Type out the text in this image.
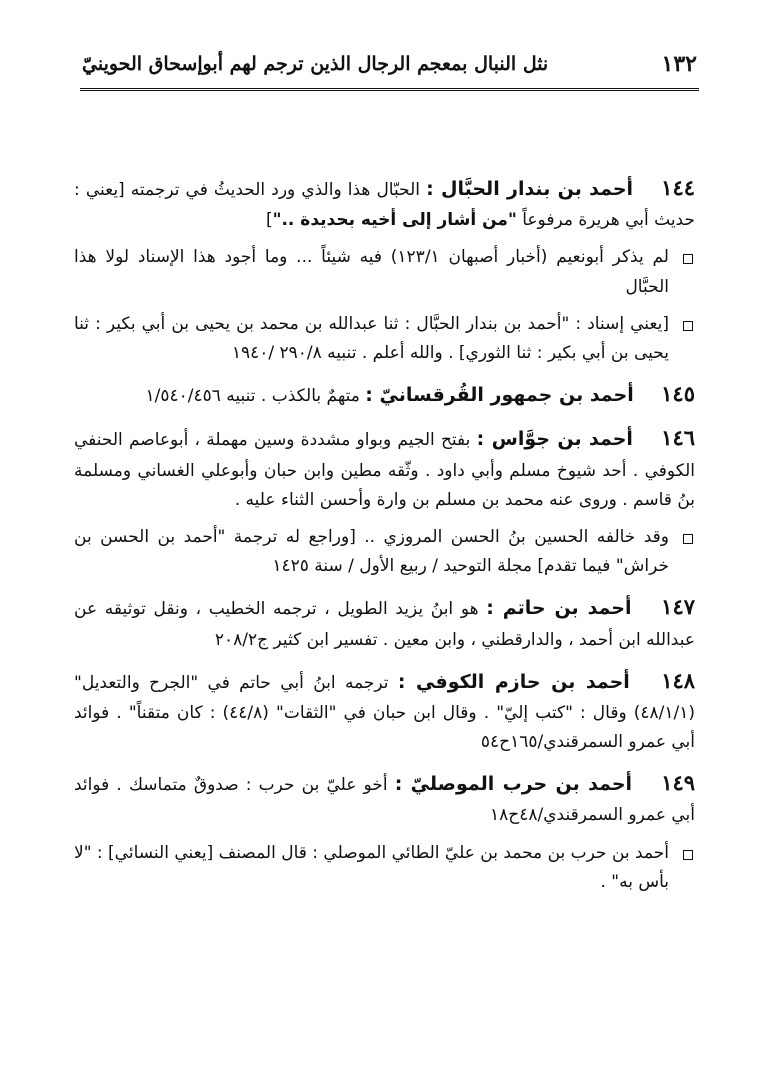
١٣٢
نثل النبال بمعجم الرجال الذين ترجم لهم أبوإسحاق الحوينيّ

١٤٤ أحمد بن بندار الحبَّال : الحبّال هذا والذي ورد الحديثُ في ترجمته [يعني : حديث أبي هريرة مرفوعاً "من أشار إلى أخيه بحديدة .."]

لم يذكر أبونعيم (أخبار أصبهان ١٢٣/١) فيه شيئاً ... وما أجود هذا الإسناد لولا هذا الحبَّال

[يعني إسناد : "أحمد بن بندار الحبَّال : ثنا عبدالله بن محمد بن يحيى بن أبي بكير : ثنا يحيى بن أبي بكير : ثنا الثوري] . والله أعلم . تنبيه ٢٩٠/٨ /١٩٤٠

١٤٥ أحمد بن جمهور القُرقسانيّ : متهمٌ بالكذب . تنبيه ١/٥٤٠/٤٥٦

١٤٦ أحمد بن جوَّاس : بفتح الجيم وبواو مشددة وسين مهملة ، أبوعاصم الحنفي الكوفي . أحد شيوخ مسلم وأبي داود . وثّقه مطين وابن حبان وأبوعلي الغساني ومسلمة بنُ قاسم . وروى عنه محمد بن مسلم بن وارة وأحسن الثناء عليه .

وقد خالفه الحسين بنُ الحسن المروزي .. [وراجع له ترجمة "أحمد بن الحسن بن خراش" فيما تقدم] مجلة التوحيد / ربيع الأول / سنة ١٤٢٥

١٤٧ أحمد بن حاتم : هو ابنُ يزيد الطويل ، ترجمه الخطيب ، ونقل توثيقه عن عبدالله ابن أحمد ، والدارقطني ، وابن معين . تفسير ابن كثير ج٢٠٨/٢

١٤٨ أحمد بن حازم الكوفي : ترجمه ابنُ أبي حاتم في "الجرح والتعديل" (٤٨/١/١) وقال : "كتب إليّ" . وقال ابن حبان في "الثقات" (٤٤/٨) : كان متقناً" . فوائد أبي عمرو السمرقندي/١٦٥ح٥٤

١٤٩ أحمد بن حرب الموصليّ : أخو عليّ بن حرب : صدوقٌ متماسك . فوائد أبي عمرو السمرقندي/٤٨ح١٨

أحمد بن حرب بن محمد بن عليّ الطائي الموصلي : قال المصنف [يعني النسائي] : "لا بأس به" .
